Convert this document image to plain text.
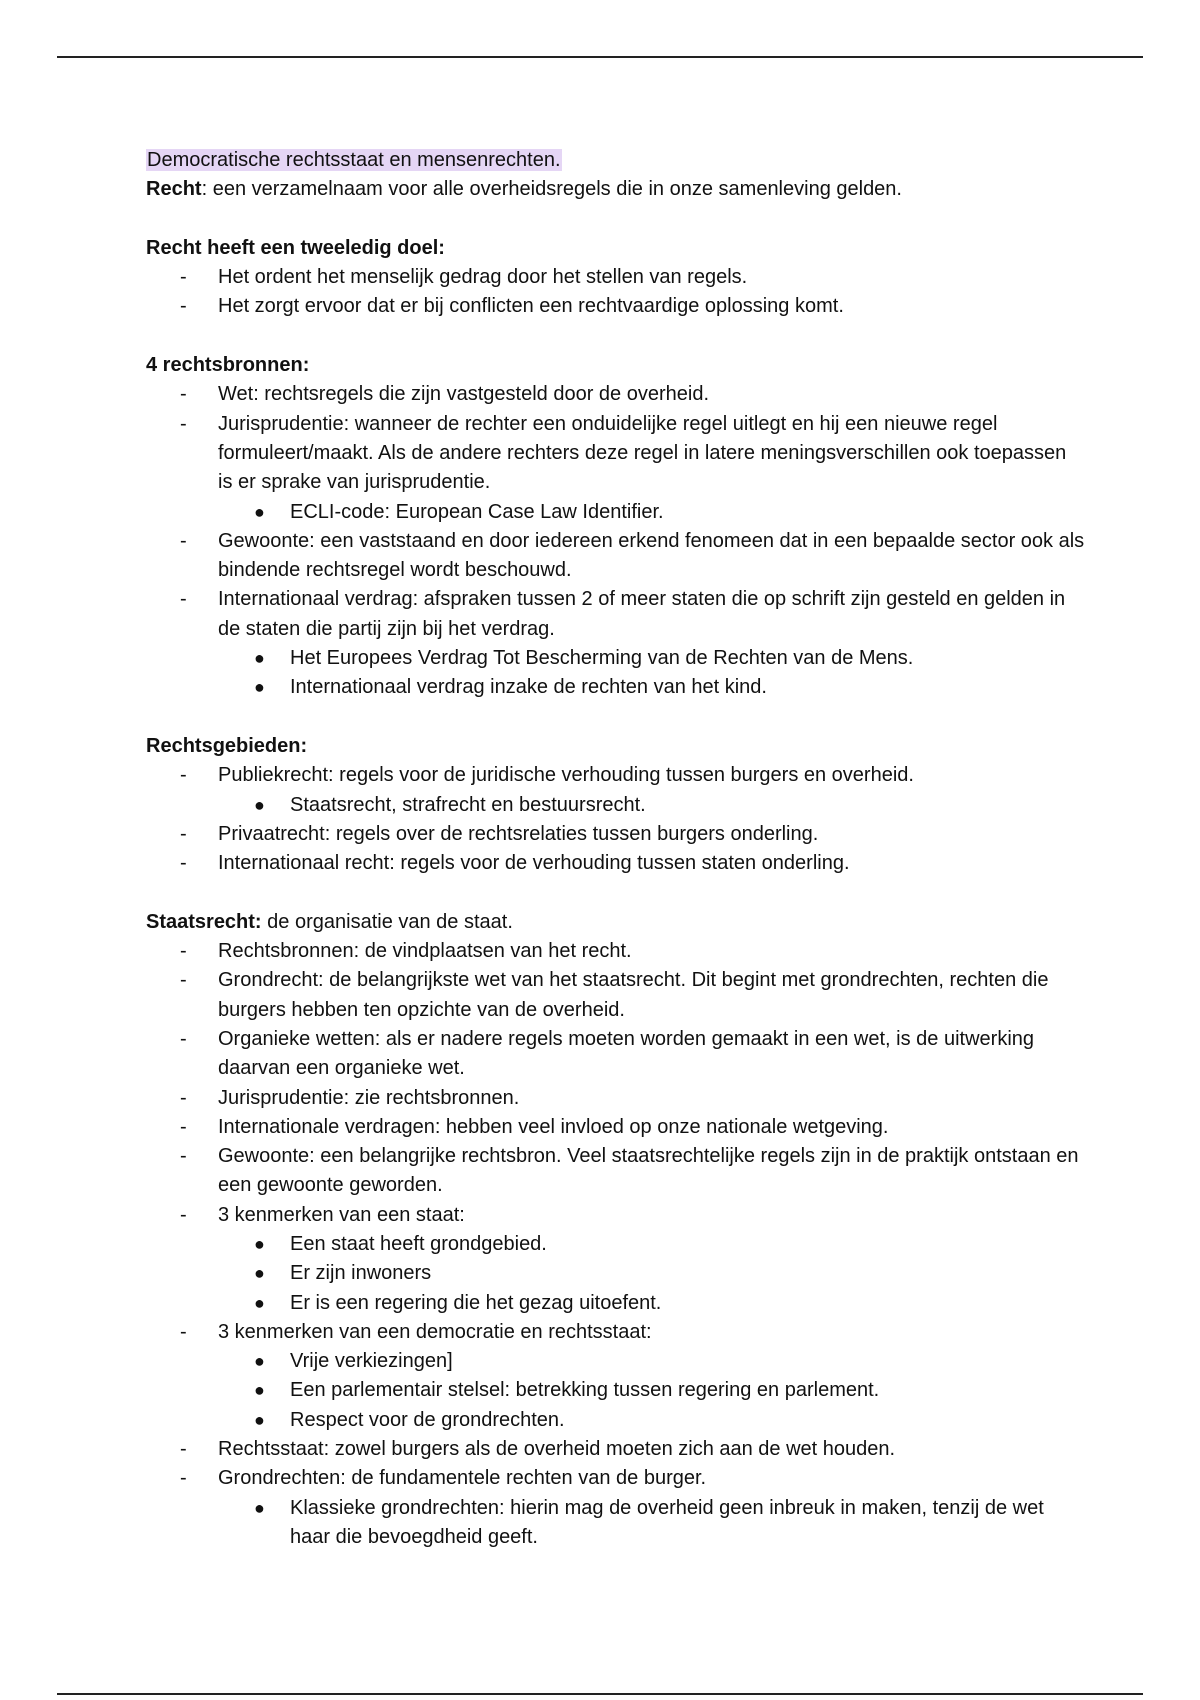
Democratische rechtsstaat en mensenrechten.
Recht: een verzamelnaam voor alle overheidsregels die in onze samenleving gelden.
Recht heeft een tweeledig doel:
- Het ordent het menselijk gedrag door het stellen van regels.
- Het zorgt ervoor dat er bij conflicten een rechtvaardige oplossing komt.
4 rechtsbronnen:
- Wet: rechtsregels die zijn vastgesteld door de overheid.
- Jurisprudentie: wanneer de rechter een onduidelijke regel uitlegt en hij een nieuwe regel formuleert/maakt. Als de andere rechters deze regel in latere meningsverschillen ook toepassen is er sprake van jurisprudentie.
● ECLI-code: European Case Law Identifier.
- Gewoonte: een vaststaand en door iedereen erkend fenomeen dat in een bepaalde sector ook als bindende rechtsregel wordt beschouwd.
- Internationaal verdrag: afspraken tussen 2 of meer staten die op schrift zijn gesteld en gelden in de staten die partij zijn bij het verdrag.
● Het Europees Verdrag Tot Bescherming van de Rechten van de Mens.
● Internationaal verdrag inzake de rechten van het kind.
Rechtsgebieden:
- Publiekrecht: regels voor de juridische verhouding tussen burgers en overheid.
● Staatsrecht, strafrecht en bestuursrecht.
- Privaatrecht: regels over de rechtsrelaties tussen burgers onderling.
- Internationaal recht: regels voor de verhouding tussen staten onderling.
Staatsrecht: de organisatie van de staat.
- Rechtsbronnen: de vindplaatsen van het recht.
- Grondrecht: de belangrijkste wet van het staatsrecht. Dit begint met grondrechten, rechten die burgers hebben ten opzichte van de overheid.
- Organieke wetten: als er nadere regels moeten worden gemaakt in een wet, is de uitwerking daarvan een organieke wet.
- Jurisprudentie: zie rechtsbronnen.
- Internationale verdragen: hebben veel invloed op onze nationale wetgeving.
- Gewoonte: een belangrijke rechtsbron. Veel staatsrechtelijke regels zijn in de praktijk ontstaan en een gewoonte geworden.
- 3 kenmerken van een staat:
● Een staat heeft grondgebied.
● Er zijn inwoners
● Er is een regering die het gezag uitoefent.
- 3 kenmerken van een democratie en rechtsstaat:
● Vrije verkiezingen]
● Een parlementair stelsel: betrekking tussen regering en parlement.
● Respect voor de grondrechten.
- Rechtsstaat: zowel burgers als de overheid moeten zich aan de wet houden.
- Grondrechten: de fundamentele rechten van de burger.
● Klassieke grondrechten: hierin mag de overheid geen inbreuk in maken, tenzij de wet haar die bevoegdheid geeft.
